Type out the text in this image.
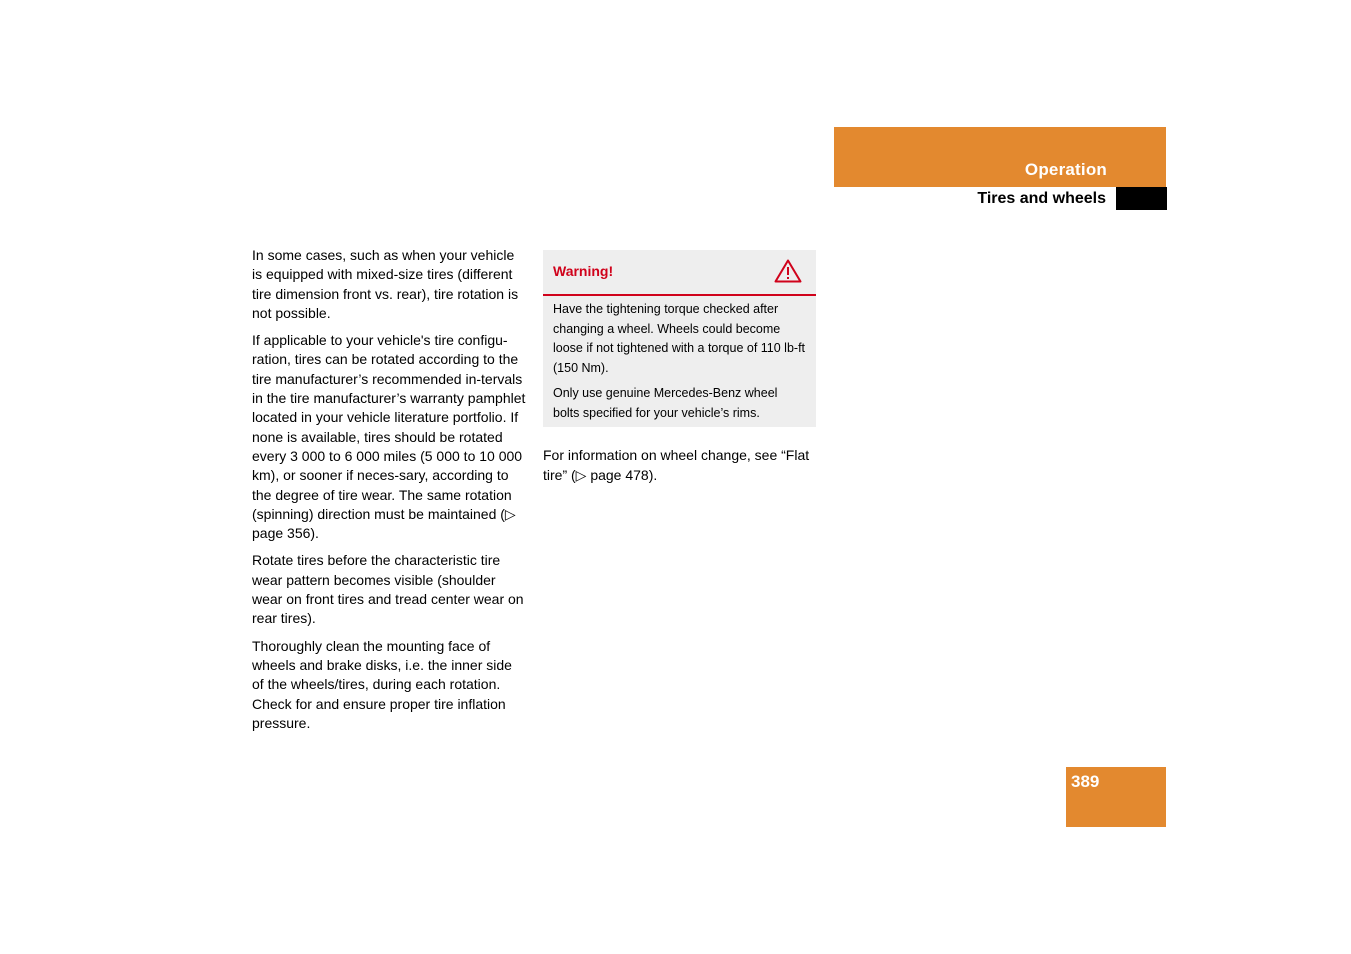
Operation
Tires and wheels

In some cases, such as when your vehicle is equipped with mixed-size tires (different tire dimension front vs. rear), tire rotation is not possible.

If applicable to your vehicle's tire configu-ration, tires can be rotated according to the tire manufacturer’s recommended in-tervals in the tire manufacturer’s warranty pamphlet located in your vehicle literature portfolio. If none is available, tires should be rotated every 3 000 to 6 000 miles (5 000 to 10 000 km), or sooner if neces-sary, according to the degree of tire wear. The same rotation (spinning) direction must be maintained (▷ page 356).

Rotate tires before the characteristic tire wear pattern becomes visible (shoulder wear on front tires and tread center wear on rear tires).

Thoroughly clean the mounting face of wheels and brake disks, i.e. the inner side of the wheels/tires, during each rotation. Check for and ensure proper tire inflation pressure.

Warning!

Have the tightening torque checked after changing a wheel. Wheels could become loose if not tightened with a torque of 110 lb-ft (150 Nm).

Only use genuine Mercedes-Benz wheel bolts specified for your vehicle’s rims.

For information on wheel change, see “Flat tire” (▷ page 478).

389
